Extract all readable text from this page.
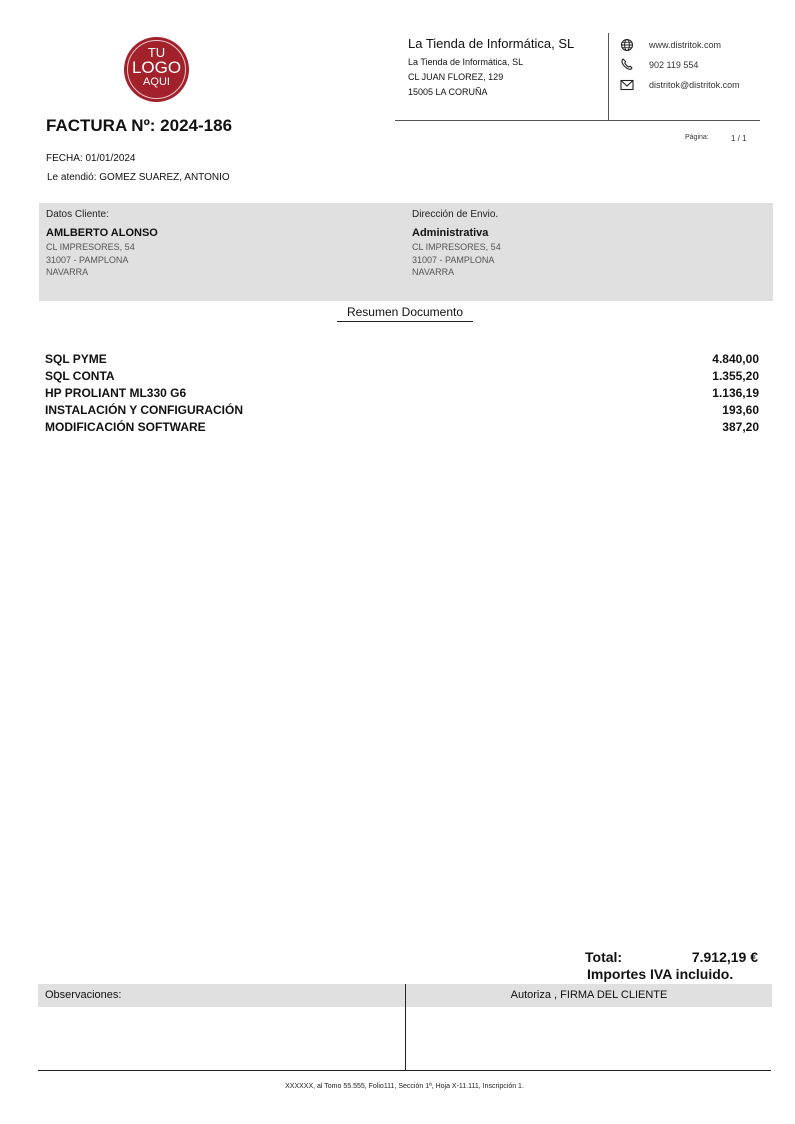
TU
LOGO
AQUI
La Tienda de Informática, SL
La Tienda de Informática, SL
CL JUAN FLOREZ, 129
15005 LA CORUÑA
www.distritok.com
902 119 554
distritok@distritok.com
FACTURA Nº: 2024-186
Página:	1 / 1
FECHA: 01/01/2024
Le atendió: GOMEZ SUAREZ, ANTONIO
Datos Cliente:
AMLBERTO ALONSO
CL IMPRESORES, 54
31007 - PAMPLONA
NAVARRA
Dirección de Envio.
Administrativa
CL IMPRESORES, 54
31007 - PAMPLONA
NAVARRA
Resumen Documento
SQL PYME	4.840,00
SQL CONTA	1.355,20
HP PROLIANT ML330 G6	1.136,19
INSTALACIÓN Y CONFIGURACIÓN	193,60
MODIFICACIÓN SOFTWARE	387,20
Total:	7.912,19 €
Importes IVA incluido.
Observaciones:	Autoriza , FIRMA DEL CLIENTE
XXXXXX, al Tomo 55.555, Folio111, Sección 1ª, Hoja X-11.111, Inscripción 1.
